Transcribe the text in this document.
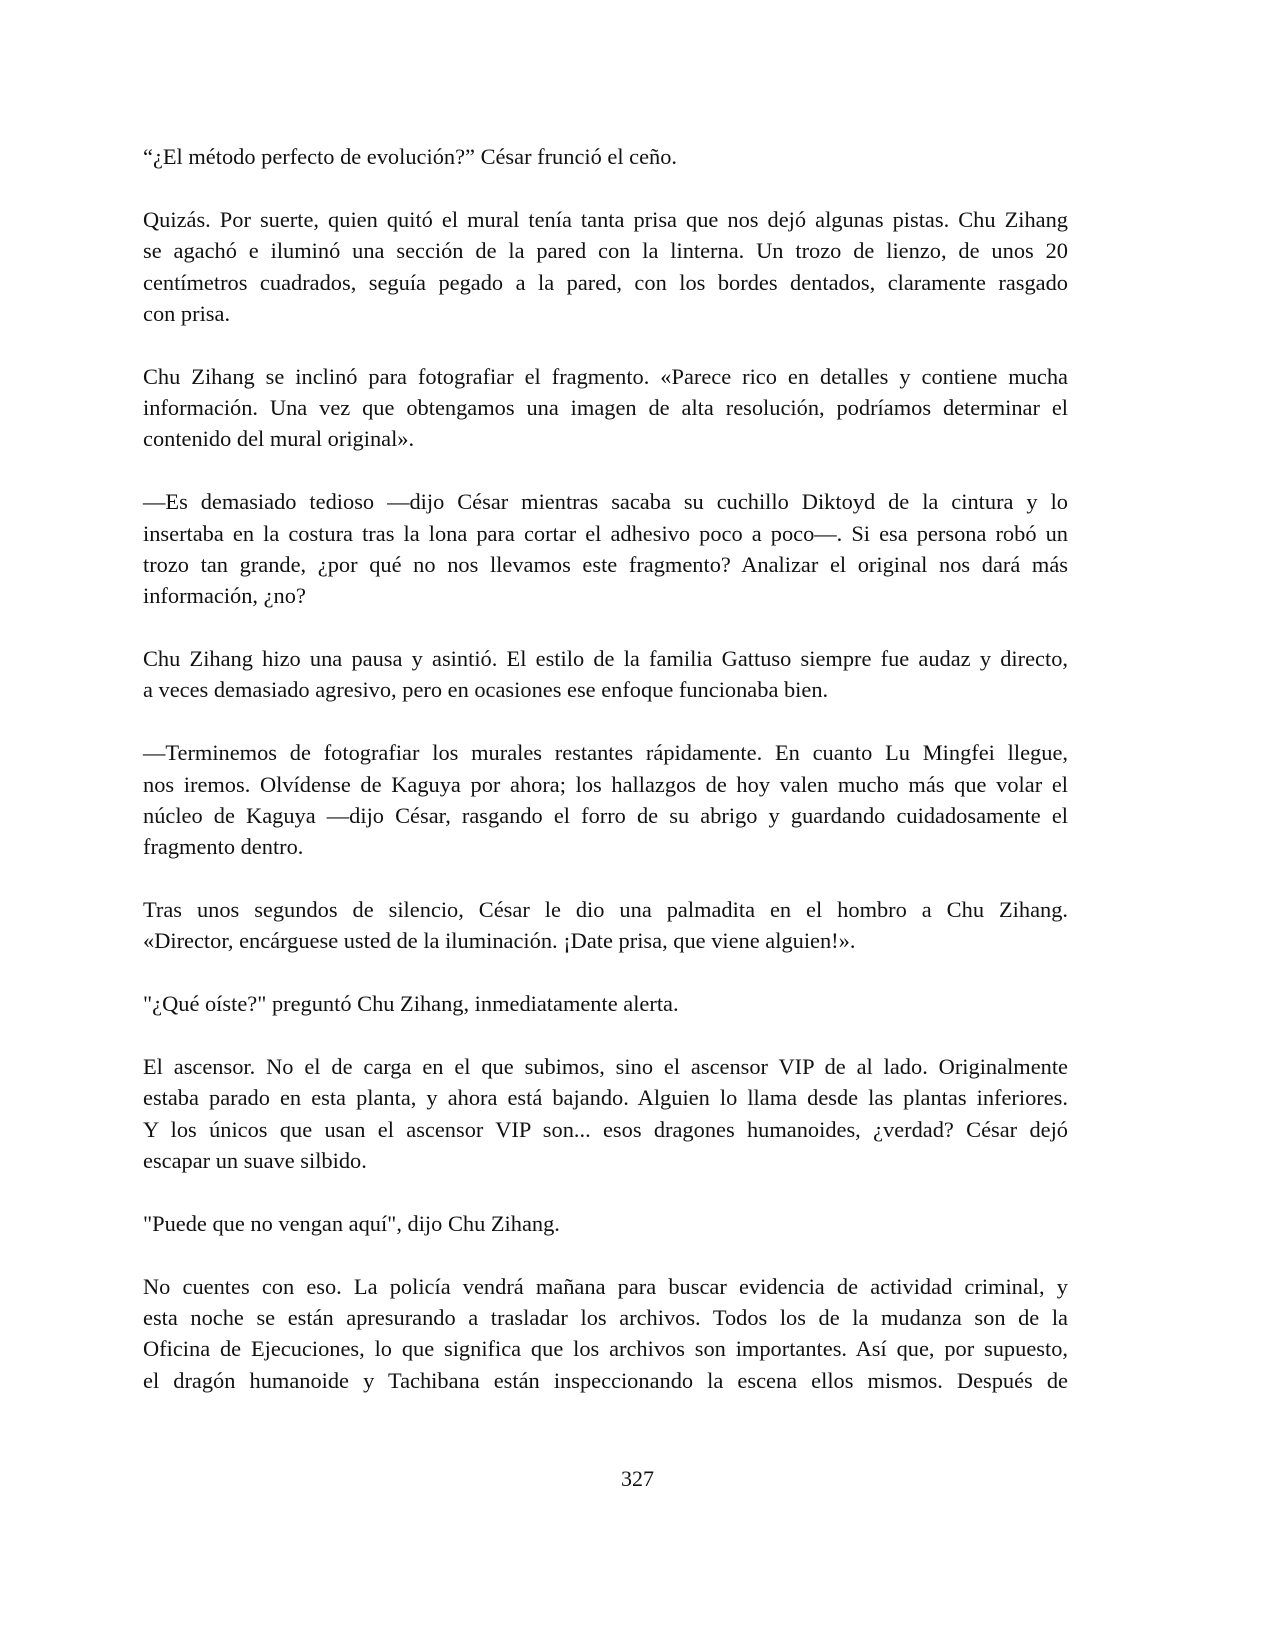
“¿El método perfecto de evolución?” César frunció el ceño.
Quizás. Por suerte, quien quitó el mural tenía tanta prisa que nos dejó algunas pistas. Chu Zihang
se agachó e iluminó una sección de la pared con la linterna. Un trozo de lienzo, de unos 20
centímetros cuadrados, seguía pegado a la pared, con los bordes dentados, claramente rasgado
con prisa.
Chu Zihang se inclinó para fotografiar el fragmento. «Parece rico en detalles y contiene mucha
información. Una vez que obtengamos una imagen de alta resolución, podríamos determinar el
contenido del mural original».
—Es demasiado tedioso —dijo César mientras sacaba su cuchillo Diktoyd de la cintura y lo
insertaba en la costura tras la lona para cortar el adhesivo poco a poco—. Si esa persona robó un
trozo tan grande, ¿por qué no nos llevamos este fragmento? Analizar el original nos dará más
información, ¿no?
Chu Zihang hizo una pausa y asintió. El estilo de la familia Gattuso siempre fue audaz y directo,
a veces demasiado agresivo, pero en ocasiones ese enfoque funcionaba bien.
—Terminemos de fotografiar los murales restantes rápidamente. En cuanto Lu Mingfei llegue,
nos iremos. Olvídense de Kaguya por ahora; los hallazgos de hoy valen mucho más que volar el
núcleo de Kaguya —dijo César, rasgando el forro de su abrigo y guardando cuidadosamente el
fragmento dentro.
Tras unos segundos de silencio, César le dio una palmadita en el hombro a Chu Zihang.
«Director, encárguese usted de la iluminación. ¡Date prisa, que viene alguien!».
"¿Qué oíste?" preguntó Chu Zihang, inmediatamente alerta.
El ascensor. No el de carga en el que subimos, sino el ascensor VIP de al lado. Originalmente
estaba parado en esta planta, y ahora está bajando. Alguien lo llama desde las plantas inferiores.
Y los únicos que usan el ascensor VIP son... esos dragones humanoides, ¿verdad? César dejó
escapar un suave silbido.
"Puede que no vengan aquí", dijo Chu Zihang.
No cuentes con eso. La policía vendrá mañana para buscar evidencia de actividad criminal, y
esta noche se están apresurando a trasladar los archivos. Todos los de la mudanza son de la
Oficina de Ejecuciones, lo que significa que los archivos son importantes. Así que, por supuesto,
el dragón humanoide y Tachibana están inspeccionando la escena ellos mismos. Después de
327
